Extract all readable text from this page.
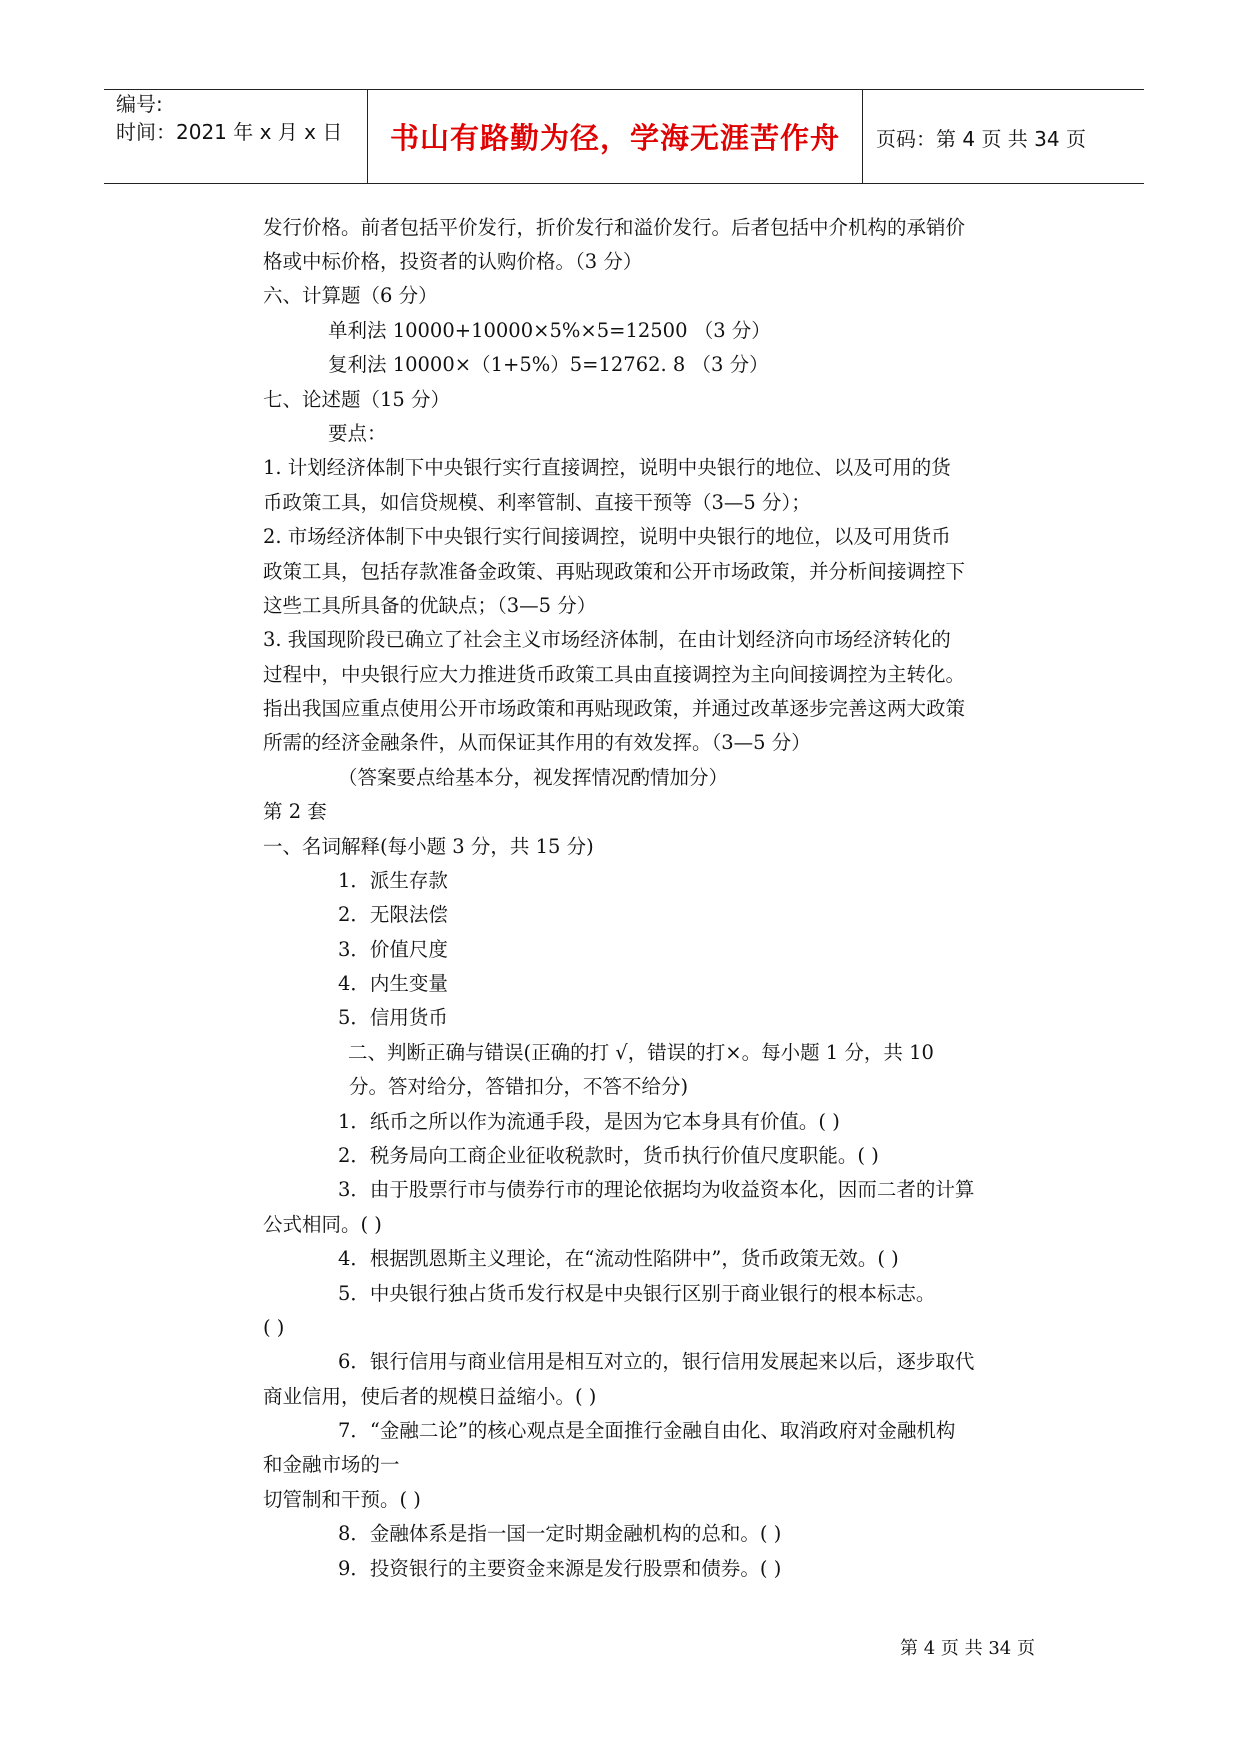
编号:
时间：2021 年 x 月 x 日	书山有路勤为径，学海无涯苦作舟	页码：第 4 页 共 34 页
发行价格。前者包括平价发行，折价发行和溢价发行。后者包括中介机构的承销价
格或中标价格，投资者的认购价格。（3 分）
六、计算题（6 分）
单利法 10000+10000×5%×5=12500 （3 分）
复利法 10000×（1+5%）5=12762. 8 （3 分）
七、论述题（15 分）
要点：
1. 计划经济体制下中央银行实行直接调控，说明中央银行的地位、以及可用的货
币政策工具，如信贷规模、利率管制、直接干预等（3—5 分）；
2. 市场经济体制下中央银行实行间接调控，说明中央银行的地位，以及可用货币
政策工具，包括存款准备金政策、再贴现政策和公开市场政策，并分析间接调控下
这些工具所具备的优缺点；（3—5 分）
3. 我国现阶段已确立了社会主义市场经济体制，在由计划经济向市场经济转化的
过程中，中央银行应大力推进货币政策工具由直接调控为主向间接调控为主转化。
指出我国应重点使用公开市场政策和再贴现政策，并通过改革逐步完善这两大政策
所需的经济金融条件，从而保证其作用的有效发挥。（3—5 分）
（答案要点给基本分，视发挥情况酌情加分）
第 2 套
一、名词解释(每小题 3 分，共 15 分)
1．派生存款
2．无限法偿
3．价值尺度
4．内生变量
5．信用货币
二、判断正确与错误(正确的打 √，错误的打×。每小题 1 分，共 10
分。答对给分，答错扣分，不答不给分)
1．纸币之所以作为流通手段，是因为它本身具有价值。( )
2．税务局向工商企业征收税款时，货币执行价值尺度职能。( )
3．由于股票行市与债券行市的理论依据均为收益资本化，因而二者的计算
公式相同。( )
4．根据凯恩斯主义理论，在“流动性陷阱中”，货币政策无效。( )
5．中央银行独占货币发行权是中央银行区别于商业银行的根本标志。
( )
6．银行信用与商业信用是相互对立的，银行信用发展起来以后，逐步取代
商业信用，使后者的规模日益缩小。( )
7．“金融二论”的核心观点是全面推行金融自由化、取消政府对金融机构
和金融市场的一
切管制和干预。( )
8．金融体系是指一国一定时期金融机构的总和。( )
9．投资银行的主要资金来源是发行股票和债券。( )
第 4 页 共 34 页
